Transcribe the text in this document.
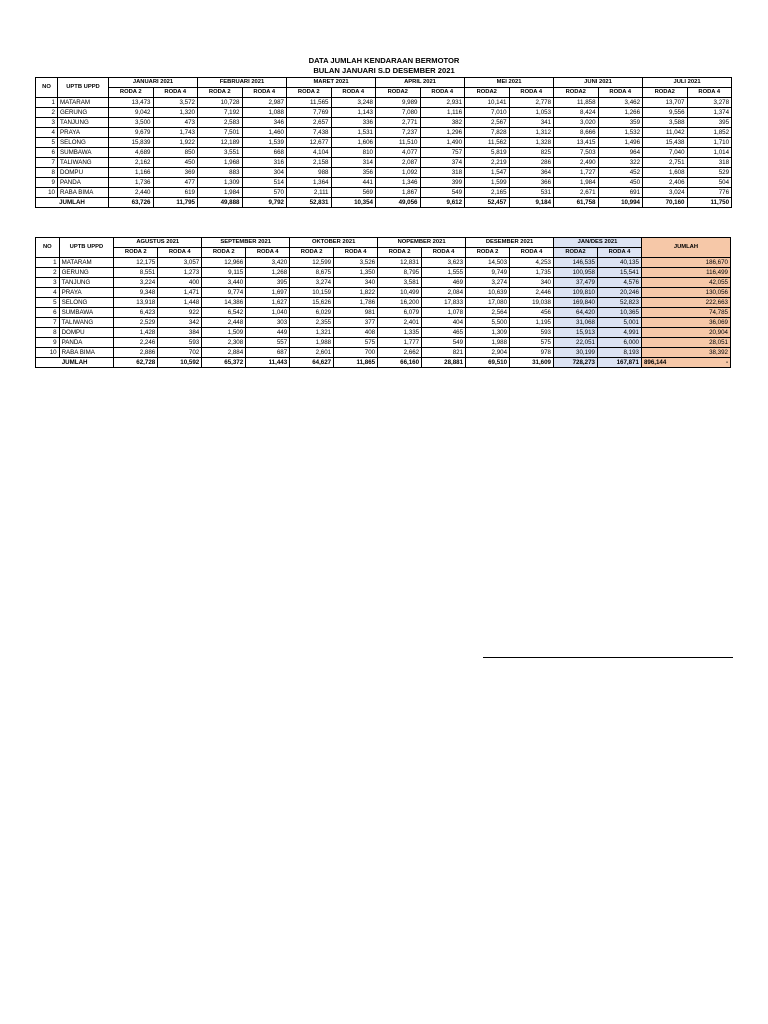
DATA JUMLAH KENDARAAN BERMOTOR
BULAN JANUARI S.D DESEMBER 2021
NO	UPTB UPPD	JANUARI 2021		FEBRUARI 2021		MARET 2021		APRIL 2021		MEI 2021		JUNI 2021		JULI 2021	
		RODA 2	RODA 4	RODA 2	RODA 4	RODA 2	RODA 4	RODA2	RODA 4	RODA2	RODA 4	RODA2	RODA 4	RODA2	RODA 4
1	MATARAM	13,473	3,572	10,728	2,987	11,565	3,248	9,989	2,931	10,141	2,778	11,858	3,462	13,707	3,278
2	GERUNG	9,042	1,320	7,192	1,088	7,769	1,143	7,080	1,116	7,010	1,053	8,424	1,266	9,556	1,374
3	TANJUNG	3,500	473	2,583	346	2,657	336	2,771	382	2,567	341	3,020	359	3,588	395
4	PRAYA	9,679	1,743	7,501	1,460	7,438	1,531	7,237	1,296	7,828	1,312	8,666	1,532	11,042	1,852
5	SELONG	15,839	1,922	12,189	1,539	12,677	1,606	11,510	1,490	11,562	1,328	13,415	1,496	15,438	1,710
6	SUMBAWA	4,689	850	3,551	668	4,104	810	4,077	757	5,819	825	7,503	964	7,040	1,014
7	TALIWANG	2,162	450	1,968	316	2,158	314	2,087	374	2,219	286	2,490	322	2,751	318
8	DOMPU	1,166	369	883	304	988	356	1,092	318	1,547	364	1,727	452	1,608	529
9	PANDA	1,736	477	1,309	514	1,364	441	1,346	399	1,599	366	1,984	450	2,406	504
10	RABA BIMA	2,440	619	1,984	570	2,111	569	1,867	549	2,165	531	2,671	691	3,024	776
JUMLAH		63,726	11,795	49,888	9,792	52,831	10,354	49,056	9,612	52,457	9,184	61,758	10,994	70,160	11,750
NO	UPTB UPPD	AGUSTUS 2021		SEPTEMBER 2021		OKTOBER 2021		NOPEMBER 2021		DESEMBER 2021		JAN/DES 2021		JUMLAH
		RODA 2	RODA 4	RODA 2	RODA 4	RODA 2	RODA 4	RODA 2	RODA 4	RODA 2	RODA 4	RODA2	RODA 4	
1	MATARAM	12,175	3,057	12,966	3,420	12,599	3,526	12,831	3,623	14,503	4,253	146,535	40,135	186,670
2	GERUNG	8,551	1,273	9,115	1,268	8,675	1,350	8,795	1,555	9,749	1,735	100,958	15,541	116,499
3	TANJUNG	3,224	400	3,440	395	3,274	340	3,581	469	3,274	340	37,479	4,576	42,055
4	PRAYA	9,348	1,471	9,774	1,697	10,159	1,822	10,499	2,084	10,639	2,446	109,810	20,246	130,056
5	SELONG	13,918	1,448	14,386	1,627	15,626	1,786	16,200	17,833	17,080	19,038	169,840	52,823	222,663
6	SUMBAWA	6,423	922	6,542	1,040	6,029	981	6,079	1,078	2,564	456	64,420	10,365	74,785
7	TALIWANG	2,529	342	2,448	303	2,355	377	2,401	404	5,500	1,195	31,068	5,001	36,069
8	DOMPU	1,428	384	1,509	449	1,321	408	1,335	465	1,309	593	15,913	4,991	20,904
9	PANDA	2,246	593	2,308	557	1,988	575	1,777	549	1,988	575	22,051	6,000	28,051
10	RABA BIMA	2,886	702	2,884	687	2,601	700	2,662	821	2,904	978	30,199	8,193	38,392
JUMLAH		62,728	10,592	65,372	11,443	64,627	11,865	66,160	28,881	69,510	31,609	728,273	167,871	896,144 -
